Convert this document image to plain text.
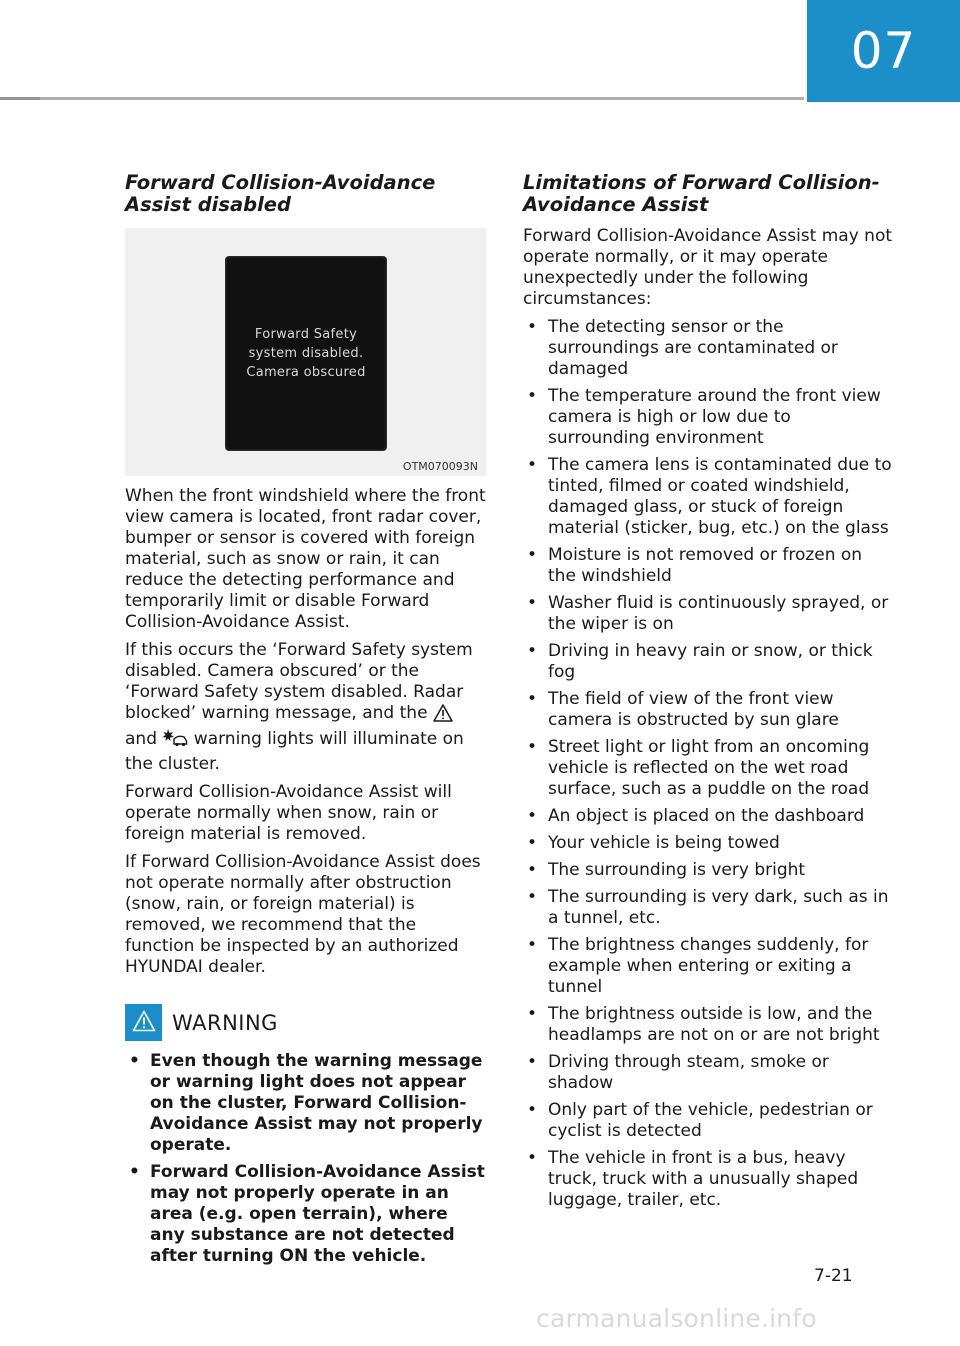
07
Forward Collision-Avoidance Assist disabled
Forward Safety
system disabled.
Camera obscured
OTM070093N

When the front windshield where the front view camera is located, front radar cover, bumper or sensor is covered with foreign material, such as snow or rain, it can reduce the detecting performance and temporarily limit or disable Forward Collision-Avoidance Assist.

If this occurs the ‘Forward Safety system disabled. Camera obscured’ or the ‘Forward Safety system disabled. Radar blocked’ warning message, and the  and  warning lights will illuminate on the cluster.

Forward Collision-Avoidance Assist will operate normally when snow, rain or foreign material is removed.

If Forward Collision-Avoidance Assist does not operate normally after obstruction (snow, rain, or foreign material) is removed, we recommend that the function be inspected by an authorized HYUNDAI dealer.

WARNING
• Even though the warning message or warning light does not appear on the cluster, Forward Collision-Avoidance Assist may not properly operate.
• Forward Collision-Avoidance Assist may not properly operate in an area (e.g. open terrain), where any substance are not detected after turning ON the vehicle.
Limitations of Forward Collision-Avoidance Assist

Forward Collision-Avoidance Assist may not operate normally, or it may operate unexpectedly under the following circumstances:

• The detecting sensor or the surroundings are contaminated or damaged
• The temperature around the front view camera is high or low due to surrounding environment
• The camera lens is contaminated due to tinted, filmed or coated windshield, damaged glass, or stuck of foreign material (sticker, bug, etc.) on the glass
• Moisture is not removed or frozen on the windshield
• Washer fluid is continuously sprayed, or the wiper is on
• Driving in heavy rain or snow, or thick fog
• The field of view of the front view camera is obstructed by sun glare
• Street light or light from an oncoming vehicle is reflected on the wet road surface, such as a puddle on the road
• An object is placed on the dashboard
• Your vehicle is being towed
• The surrounding is very bright
• The surrounding is very dark, such as in a tunnel, etc.
• The brightness changes suddenly, for example when entering or exiting a tunnel
• The brightness outside is low, and the headlamps are not on or are not bright
• Driving through steam, smoke or shadow
• Only part of the vehicle, pedestrian or cyclist is detected
• The vehicle in front is a bus, heavy truck, truck with a unusually shaped luggage, trailer, etc.
7-21
carmanualsonline.info
